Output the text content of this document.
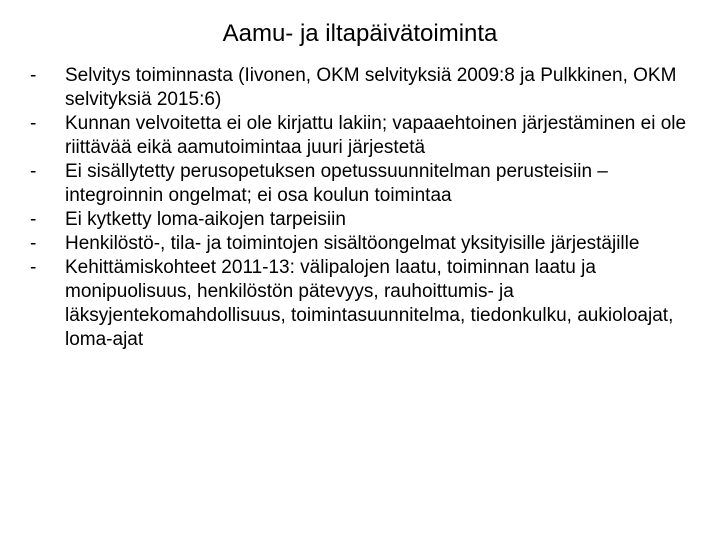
Aamu- ja iltapäivätoiminta
-	Selvitys toiminnasta (Iivonen, OKM selvityksiä 2009:8 ja Pulkkinen, OKM selvityksiä 2015:6)
-	Kunnan velvoitetta ei ole kirjattu lakiin; vapaaehtoinen järjestäminen ei ole riittävää eikä aamutoimintaa juuri järjestetä
-	Ei sisällytetty perusopetuksen opetussuunnitelman perusteisiin – integroinnin ongelmat; ei osa koulun toimintaa
-	Ei kytketty loma-aikojen tarpeisiin
-	Henkilöstö-, tila- ja toimintojen sisältöongelmat yksityisille järjestäjille
-	Kehittämiskohteet 2011-13: välipalojen laatu, toiminnan laatu ja monipuolisuus, henkilöstön pätevyys, rauhoittumis- ja läksyjentekomahdollisuus, toimintasuunnitelma, tiedonkulku, aukioloajat, loma-ajat
